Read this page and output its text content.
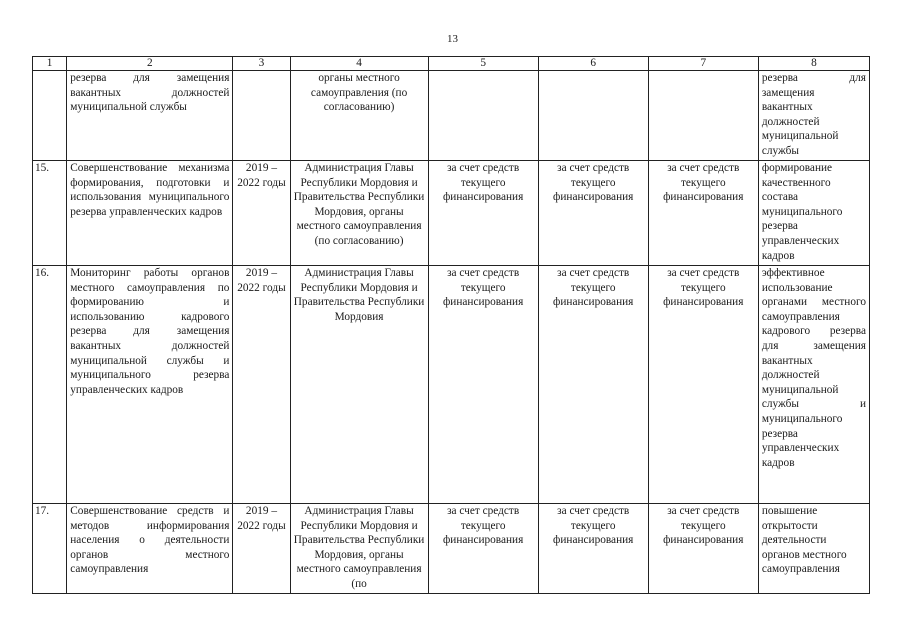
13
1	2	3	4	5	6	7	8
	резерва для замещения вакантных должностей муниципальной службы		органы местного самоуправления (по согласованию)				резерва для замещения вакантных должностей муниципальной службы
15.	Совершенствование механизма формирования, подготовки и использования муниципального резерва управленческих кадров	2019 – 2022 годы	Администрация Главы Республики Мордовия и Правительства Республики Мордовия, органы местного самоуправления (по согласованию)	за счет средств текущего финансирования	за счет средств текущего финансирования	за счет средств текущего финансирования	формирование качественного состава муниципального резерва управленческих кадров
16.	Мониторинг работы органов местного самоуправления по формированию и использованию кадрового резерва для замещения вакантных должностей муниципальной службы и муниципального резерва управленческих кадров	2019 – 2022 годы	Администрация Главы Республики Мордовия и Правительства Республики Мордовия	за счет средств текущего финансирования	за счет средств текущего финансирования	за счет средств текущего финансирования	эффективное использование органами местного самоуправления кадрового резерва для замещения вакантных должностей муниципальной службы и муниципального резерва управленческих кадров
17.	Совершенствование средств и методов информирования населения о деятельности органов местного самоуправления	2019 – 2022 годы	Администрация Главы Республики Мордовия и Правительства Республики Мордовия, органы местного самоуправления (по	за счет средств текущего финансирования	за счет средств текущего финансирования	за счет средств текущего финансирования	повышение открытости деятельности органов местного самоуправления
